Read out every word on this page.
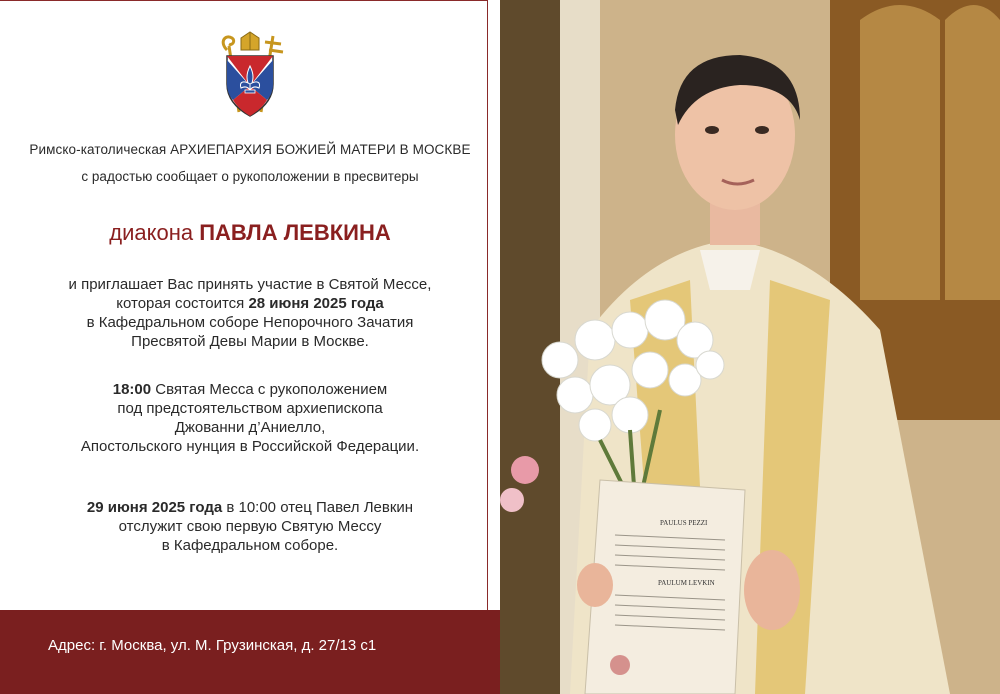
Римско-католическая АРХИЕПАРХИЯ БОЖИЕЙ МАТЕРИ В МОСКВЕ
с радостью сообщает о рукоположении в пресвитеры
диакона ПАВЛА ЛЕВКИНА
и приглашает Вас принять участие в Святой Мессе,
которая состоится 28 июня 2025 года
в Кафедральном соборе Непорочного Зачатия
Пресвятой Девы Марии в Москве.
18:00 Святая Месса с рукоположением
под предстоятельством архиепископа
Джованни д’Аниелло,
Апостольского нунция в Российской Федерации.
29 июня 2025 года в 10:00 отец Павел Левкин
отслужит свою первую Святую Мессу
в Кафедральном соборе.
Адрес: г. Москва, ул. М. Грузинская, д. 27/13 с1
PAULUS PEZZI
PAULUM LEVKIN
